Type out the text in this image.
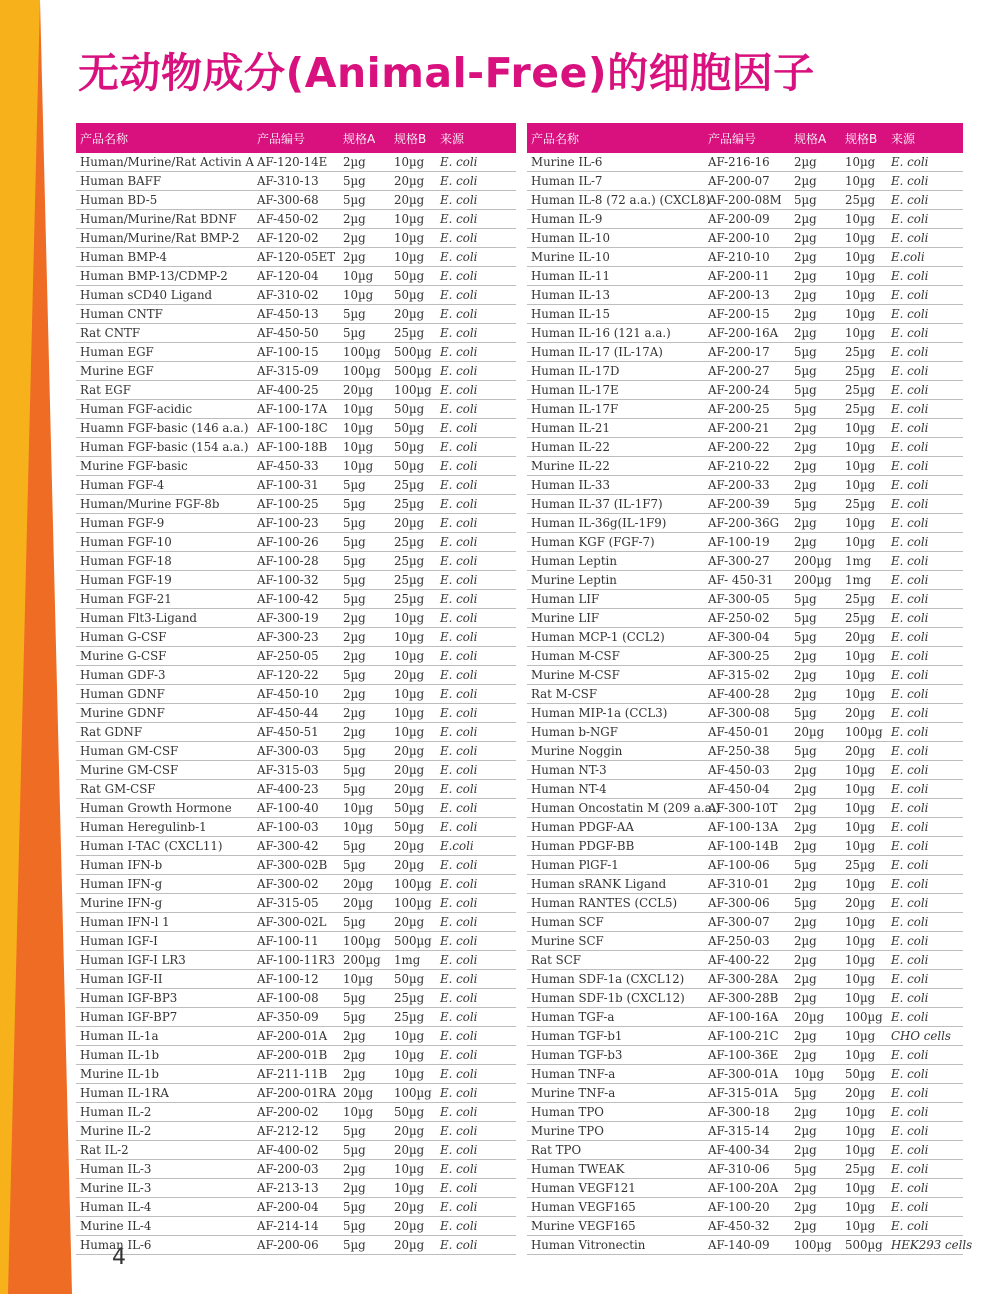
无动物成分(Animal-Free)的细胞因子
产品名称	产品编号	规格A	规格B	来源
Human/Murine/Rat Activin A	AF-120-14E	2µg	10µg	E. coli
Human BAFF	AF-310-13	5µg	20µg	E. coli
Human BD-5	AF-300-68	5µg	20µg	E. coli
Human/Murine/Rat BDNF	AF-450-02	2µg	10µg	E. coli
Human/Murine/Rat BMP-2	AF-120-02	2µg	10µg	E. coli
Human BMP-4	AF-120-05ET	2µg	10µg	E. coli
Human BMP-13/CDMP-2	AF-120-04	10µg	50µg	E. coli
Human sCD40 Ligand	AF-310-02	10µg	50µg	E. coli
Human CNTF	AF-450-13	5µg	20µg	E. coli
Rat CNTF	AF-450-50	5µg	25µg	E. coli
Human EGF	AF-100-15	100µg	500µg	E. coli
Murine EGF	AF-315-09	100µg	500µg	E. coli
Rat EGF	AF-400-25	20µg	100µg	E. coli
Human FGF-acidic	AF-100-17A	10µg	50µg	E. coli
Huamn FGF-basic (146 a.a.)	AF-100-18C	10µg	50µg	E. coli
Human FGF-basic (154 a.a.)	AF-100-18B	10µg	50µg	E. coli
Murine FGF-basic	AF-450-33	10µg	50µg	E. coli
Human FGF-4	AF-100-31	5µg	25µg	E. coli
Human/Murine FGF-8b	AF-100-25	5µg	25µg	E. coli
Human FGF-9	AF-100-23	5µg	20µg	E. coli
Human FGF-10	AF-100-26	5µg	25µg	E. coli
Human FGF-18	AF-100-28	5µg	25µg	E. coli
Human FGF-19	AF-100-32	5µg	25µg	E. coli
Human FGF-21	AF-100-42	5µg	25µg	E. coli
Human Flt3-Ligand	AF-300-19	2µg	10µg	E. coli
Human G-CSF	AF-300-23	2µg	10µg	E. coli
Murine G-CSF	AF-250-05	2µg	10µg	E. coli
Human GDF-3	AF-120-22	5µg	20µg	E. coli
Human GDNF	AF-450-10	2µg	10µg	E. coli
Murine GDNF	AF-450-44	2µg	10µg	E. coli
Rat GDNF	AF-450-51	2µg	10µg	E. coli
Human GM-CSF	AF-300-03	5µg	20µg	E. coli
Murine GM-CSF	AF-315-03	5µg	20µg	E. coli
Rat GM-CSF	AF-400-23	5µg	20µg	E. coli
Human Growth Hormone	AF-100-40	10µg	50µg	E. coli
Human Heregulinb-1	AF-100-03	10µg	50µg	E. coli
Human I-TAC (CXCL11)	AF-300-42	5µg	20µg	E.coli
Human IFN-b	AF-300-02B	5µg	20µg	E. coli
Human IFN-g	AF-300-02	20µg	100µg	E. coli
Murine IFN-g	AF-315-05	20µg	100µg	E. coli
Human IFN-l 1	AF-300-02L	5µg	20µg	E. coli
Human IGF-I	AF-100-11	100µg	500µg	E. coli
Human IGF-I LR3	AF-100-11R3	200µg	1mg	E. coli
Human IGF-II	AF-100-12	10µg	50µg	E. coli
Human IGF-BP3	AF-100-08	5µg	25µg	E. coli
Human IGF-BP7	AF-350-09	5µg	25µg	E. coli
Human IL-1a	AF-200-01A	2µg	10µg	E. coli
Human IL-1b	AF-200-01B	2µg	10µg	E. coli
Murine IL-1b	AF-211-11B	2µg	10µg	E. coli
Human IL-1RA	AF-200-01RA	20µg	100µg	E. coli
Human IL-2	AF-200-02	10µg	50µg	E. coli
Murine IL-2	AF-212-12	5µg	20µg	E. coli
Rat IL-2	AF-400-02	5µg	20µg	E. coli
Human IL-3	AF-200-03	2µg	10µg	E. coli
Murine IL-3	AF-213-13	2µg	10µg	E. coli
Human IL-4	AF-200-04	5µg	20µg	E. coli
Murine IL-4	AF-214-14	5µg	20µg	E. coli
Human IL-6	AF-200-06	5µg	20µg	E. coli
产品名称	产品编号	规格A	规格B	来源
Murine IL-6	AF-216-16	2µg	10µg	E. coli
Human IL-7	AF-200-07	2µg	10µg	E. coli
Human IL-8 (72 a.a.) (CXCL8)	AF-200-08M	5µg	25µg	E. coli
Human IL-9	AF-200-09	2µg	10µg	E. coli
Human IL-10	AF-200-10	2µg	10µg	E. coli
Murine IL-10	AF-210-10	2µg	10µg	E.coli
Human IL-11	AF-200-11	2µg	10µg	E. coli
Human IL-13	AF-200-13	2µg	10µg	E. coli
Human IL-15	AF-200-15	2µg	10µg	E. coli
Human IL-16 (121 a.a.)	AF-200-16A	2µg	10µg	E. coli
Human IL-17 (IL-17A)	AF-200-17	5µg	25µg	E. coli
Human IL-17D	AF-200-27	5µg	25µg	E. coli
Human IL-17E	AF-200-24	5µg	25µg	E. coli
Human IL-17F	AF-200-25	5µg	25µg	E. coli
Human IL-21	AF-200-21	2µg	10µg	E. coli
Human IL-22	AF-200-22	2µg	10µg	E. coli
Murine IL-22	AF-210-22	2µg	10µg	E. coli
Human IL-33	AF-200-33	2µg	10µg	E. coli
Human IL-37 (IL-1F7)	AF-200-39	5µg	25µg	E. coli
Human IL-36g(IL-1F9)	AF-200-36G	2µg	10µg	E. coli
Human KGF (FGF-7)	AF-100-19	2µg	10µg	E. coli
Human Leptin	AF-300-27	200µg	1mg	E. coli
Murine Leptin	AF- 450-31	200µg	1mg	E. coli
Human LIF	AF-300-05	5µg	25µg	E. coli
Murine LIF	AF-250-02	5µg	25µg	E. coli
Human MCP-1 (CCL2)	AF-300-04	5µg	20µg	E. coli
Human M-CSF	AF-300-25	2µg	10µg	E. coli
Murine M-CSF	AF-315-02	2µg	10µg	E. coli
Rat M-CSF	AF-400-28	2µg	10µg	E. coli
Human MIP-1a (CCL3)	AF-300-08	5µg	20µg	E. coli
Human b-NGF	AF-450-01	20µg	100µg	E. coli
Murine Noggin	AF-250-38	5µg	20µg	E. coli
Human NT-3	AF-450-03	2µg	10µg	E. coli
Human NT-4	AF-450-04	2µg	10µg	E. coli
Human Oncostatin M (209 a.a.)	AF-300-10T	2µg	10µg	E. coli
Human PDGF-AA	AF-100-13A	2µg	10µg	E. coli
Human PDGF-BB	AF-100-14B	2µg	10µg	E. coli
Human PlGF-1	AF-100-06	5µg	25µg	E. coli
Human sRANK Ligand	AF-310-01	2µg	10µg	E. coli
Human RANTES (CCL5)	AF-300-06	5µg	20µg	E. coli
Human SCF	AF-300-07	2µg	10µg	E. coli
Murine SCF	AF-250-03	2µg	10µg	E. coli
Rat SCF	AF-400-22	2µg	10µg	E. coli
Human SDF-1a (CXCL12)	AF-300-28A	2µg	10µg	E. coli
Human SDF-1b (CXCL12)	AF-300-28B	2µg	10µg	E. coli
Human TGF-a	AF-100-16A	20µg	100µg	E. coli
Human TGF-b1	AF-100-21C	2µg	10µg	CHO cells
Human TGF-b3	AF-100-36E	2µg	10µg	E. coli
Human TNF-a	AF-300-01A	10µg	50µg	E. coli
Murine TNF-a	AF-315-01A	5µg	20µg	E. coli
Human TPO	AF-300-18	2µg	10µg	E. coli
Murine TPO	AF-315-14	2µg	10µg	E. coli
Rat TPO	AF-400-34	2µg	10µg	E. coli
Human TWEAK	AF-310-06	5µg	25µg	E. coli
Human VEGF121	AF-100-20A	2µg	10µg	E. coli
Human VEGF165	AF-100-20	2µg	10µg	E. coli
Murine VEGF165	AF-450-32	2µg	10µg	E. coli
Human Vitronectin	AF-140-09	100µg	500µg	HEK293 cells
4
